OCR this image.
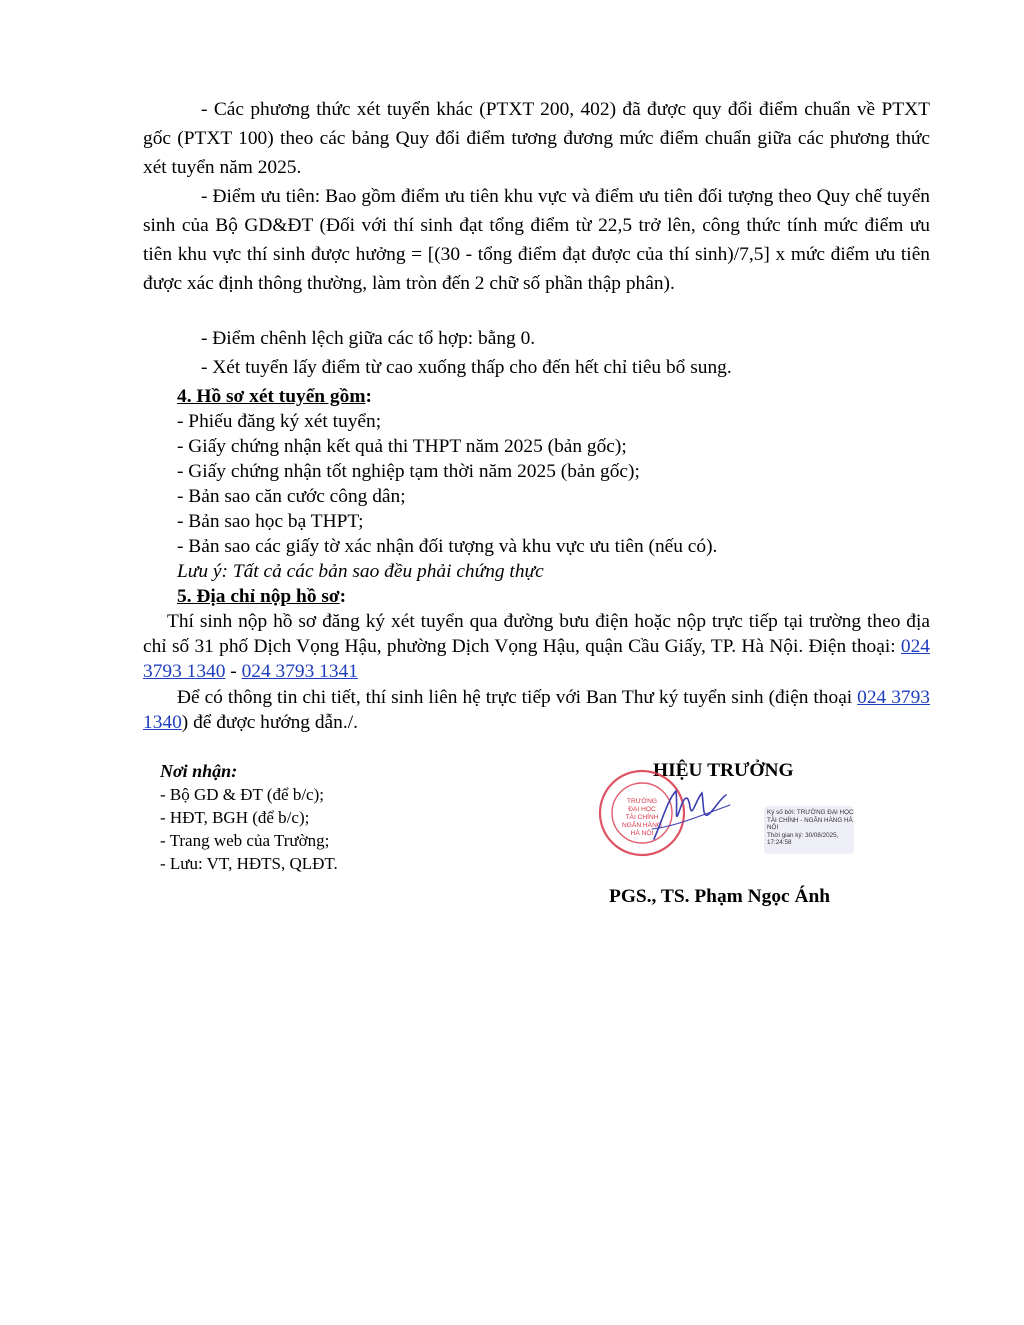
- Các phương thức xét tuyển khác (PTXT 200, 402) đã được quy đổi điểm chuẩn về PTXT gốc (PTXT 100) theo các bảng Quy đổi điểm tương đương mức điểm chuẩn giữa các phương thức xét tuyển năm 2025.

- Điểm ưu tiên: Bao gồm điểm ưu tiên khu vực và điểm ưu tiên đối tượng theo Quy chế tuyển sinh của Bộ GD&ĐT (Đối với thí sinh đạt tổng điểm từ 22,5 trở lên, công thức tính mức điểm ưu tiên khu vực thí sinh được hưởng = [(30 - tổng điểm đạt được của thí sinh)/7,5] x mức điểm ưu tiên được xác định thông thường, làm tròn đến 2 chữ số phần thập phân).

- Điểm chênh lệch giữa các tổ hợp: bằng 0.

- Xét tuyển lấy điểm từ cao xuống thấp cho đến hết chỉ tiêu bổ sung.

4. Hồ sơ xét tuyển gồm:

- Phiếu đăng ký xét tuyển;

- Giấy chứng nhận kết quả thi THPT năm 2025 (bản gốc);

- Giấy chứng nhận tốt nghiệp tạm thời năm 2025 (bản gốc);

- Bản sao căn cước công dân;

- Bản sao học bạ THPT;

- Bản sao các giấy tờ xác nhận đối tượng và khu vực ưu tiên (nếu có).

Lưu ý: Tất cả các bản sao đều phải chứng thực

5. Địa chỉ nộp hồ sơ:

Thí sinh nộp hồ sơ đăng ký xét tuyển qua đường bưu điện hoặc nộp trực tiếp tại trường theo địa chỉ số 31 phố Dịch Vọng Hậu, phường Dịch Vọng Hậu, quận Cầu Giấy, TP. Hà Nội. Điện thoại: 024 3793 1340 - 024 3793 1341

Để có thông tin chi tiết, thí sinh liên hệ trực tiếp với Ban Thư ký tuyển sinh (điện thoại 024 3793 1340) để được hướng dẫn./.

Nơi nhận:
- Bộ GD & ĐT (để b/c);
- HĐT, BGH (để b/c);
- Trang web của Trường;
- Lưu: VT, HĐTS, QLĐT.
HIỆU TRƯỞNG
TRƯỜNG
ĐẠI HỌC
TÀI CHÍNH
NGÂN HÀNG
HÀ NỘI
Ký số bởi: TRƯỜNG ĐẠI HỌC
TÀI CHÍNH - NGÂN HÀNG HÀ
NỘI
Thời gian ký: 30/08/2025,
17:24:58
PGS., TS. Phạm Ngọc Ánh
